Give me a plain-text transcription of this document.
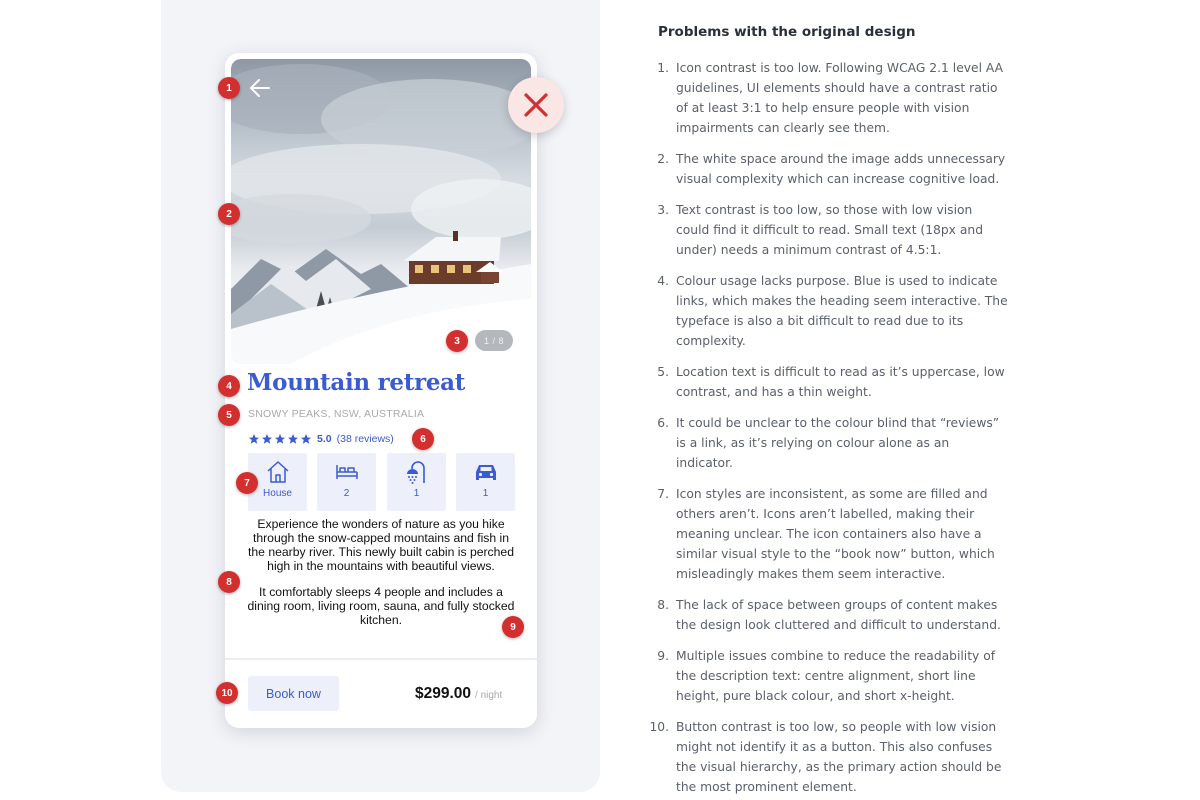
1 / 8
Mountain retreat
SNOWY PEAKS, NSW, AUSTRALIA
5.0 (38 reviews)
House	2	1	1

Experience the wonders of nature as you hike through the snow-capped mountains and fish in the nearby river. This newly built cabin is perched high in the mountains with beautiful views.

It comfortably sleeps 4 people and includes a dining room, living room, sauna, and fully stocked kitchen.

Book now	$299.00 / night
1
2
3
4
5
6
7
8
9
10
Problems with the original design
1. Icon contrast is too low. Following WCAG 2.1 level AA guidelines, UI elements should have a contrast ratio of at least 3:1 to help ensure people with vision impairments can clearly see them.
2. The white space around the image adds unnecessary visual complexity which can increase cognitive load.
3. Text contrast is too low, so those with low vision could find it difficult to read. Small text (18px and under) needs a minimum contrast of 4.5:1.
4. Colour usage lacks purpose. Blue is used to indicate links, which makes the heading seem interactive. The typeface is also a bit difficult to read due to its complexity.
5. Location text is difficult to read as it’s uppercase, low contrast, and has a thin weight.
6. It could be unclear to the colour blind that “reviews” is a link, as it’s relying on colour alone as an indicator.
7. Icon styles are inconsistent, as some are filled and others aren’t. Icons aren’t labelled, making their meaning unclear. The icon containers also have a similar visual style to the “book now” button, which misleadingly makes them seem interactive.
8. The lack of space between groups of content makes the design look cluttered and difficult to understand.
9. Multiple issues combine to reduce the readability of the description text: centre alignment, short line height, pure black colour, and short x-height.
10. Button contrast is too low, so people with low vision might not identify it as a button. This also confuses the visual hierarchy, as the primary action should be the most prominent element.
